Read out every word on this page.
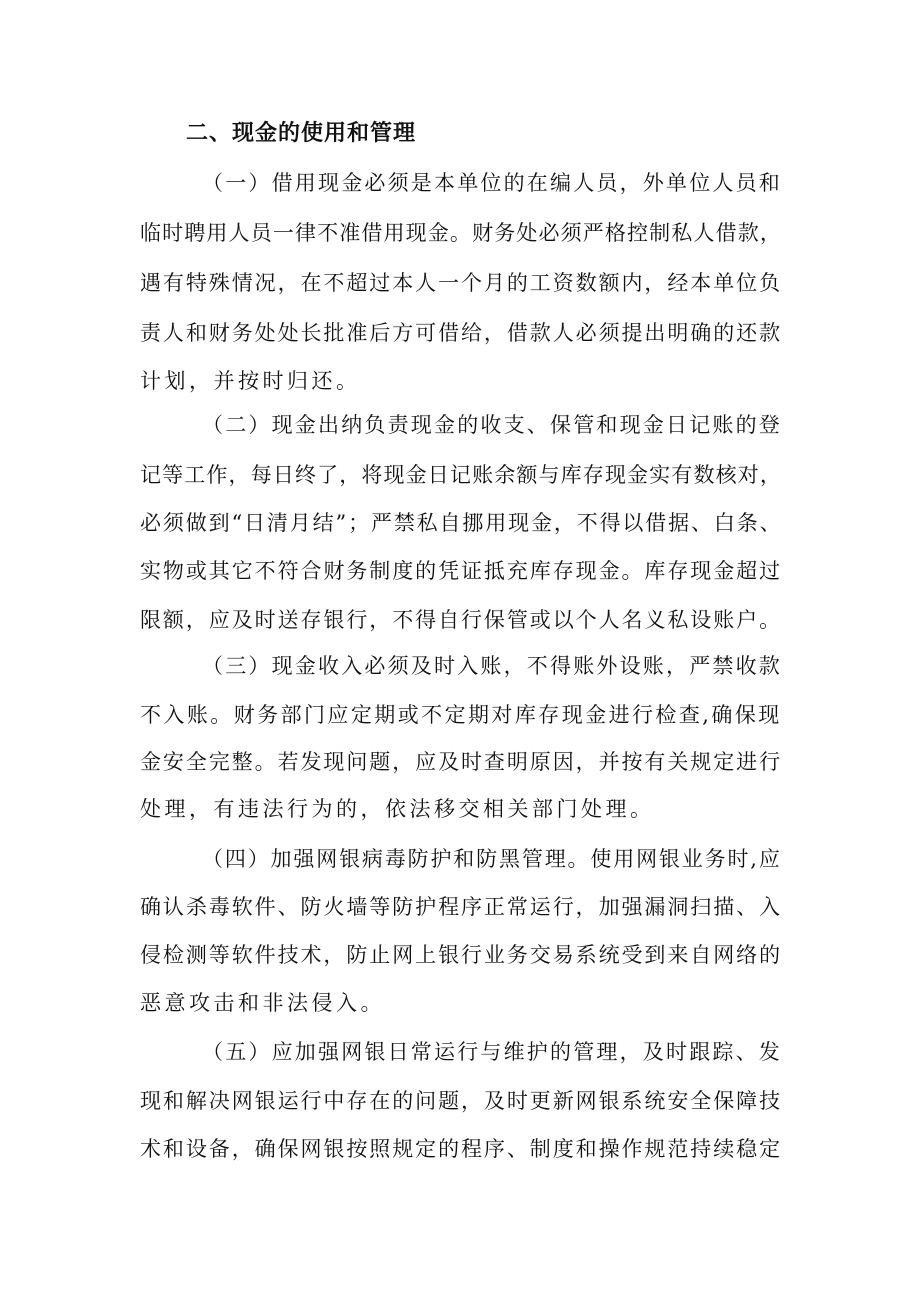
二、现金的使用和管理
（一）借用现金必须是本单位的在编人员，外单位人员和
临时聘用人员一律不准借用现金。财务处必须严格控制私人借款，
遇有特殊情况，在不超过本人一个月的工资数额内，经本单位负
责人和财务处处长批准后方可借给，借款人必须提出明确的还款
计划，并按时归还。
（二）现金出纳负责现金的收支、保管和现金日记账的登
记等工作，每日终了，将现金日记账余额与库存现金实有数核对，
必须做到“日清月结”；严禁私自挪用现金，不得以借据、白条、
实物或其它不符合财务制度的凭证抵充库存现金。库存现金超过
限额，应及时送存银行，不得自行保管或以个人名义私设账户。
（三）现金收入必须及时入账，不得账外设账，严禁收款
不入账。财务部门应定期或不定期对库存现金进行检查,确保现
金安全完整。若发现问题，应及时查明原因，并按有关规定进行
处理，有违法行为的，依法移交相关部门处理。
（四）加强网银病毒防护和防黑管理。使用网银业务时,应
确认杀毒软件、防火墙等防护程序正常运行，加强漏洞扫描、入
侵检测等软件技术，防止网上银行业务交易系统受到来自网络的
恶意攻击和非法侵入。
（五）应加强网银日常运行与维护的管理，及时跟踪、发
现和解决网银运行中存在的问题，及时更新网银系统安全保障技
术和设备，确保网银按照规定的程序、制度和操作规范持续稳定
